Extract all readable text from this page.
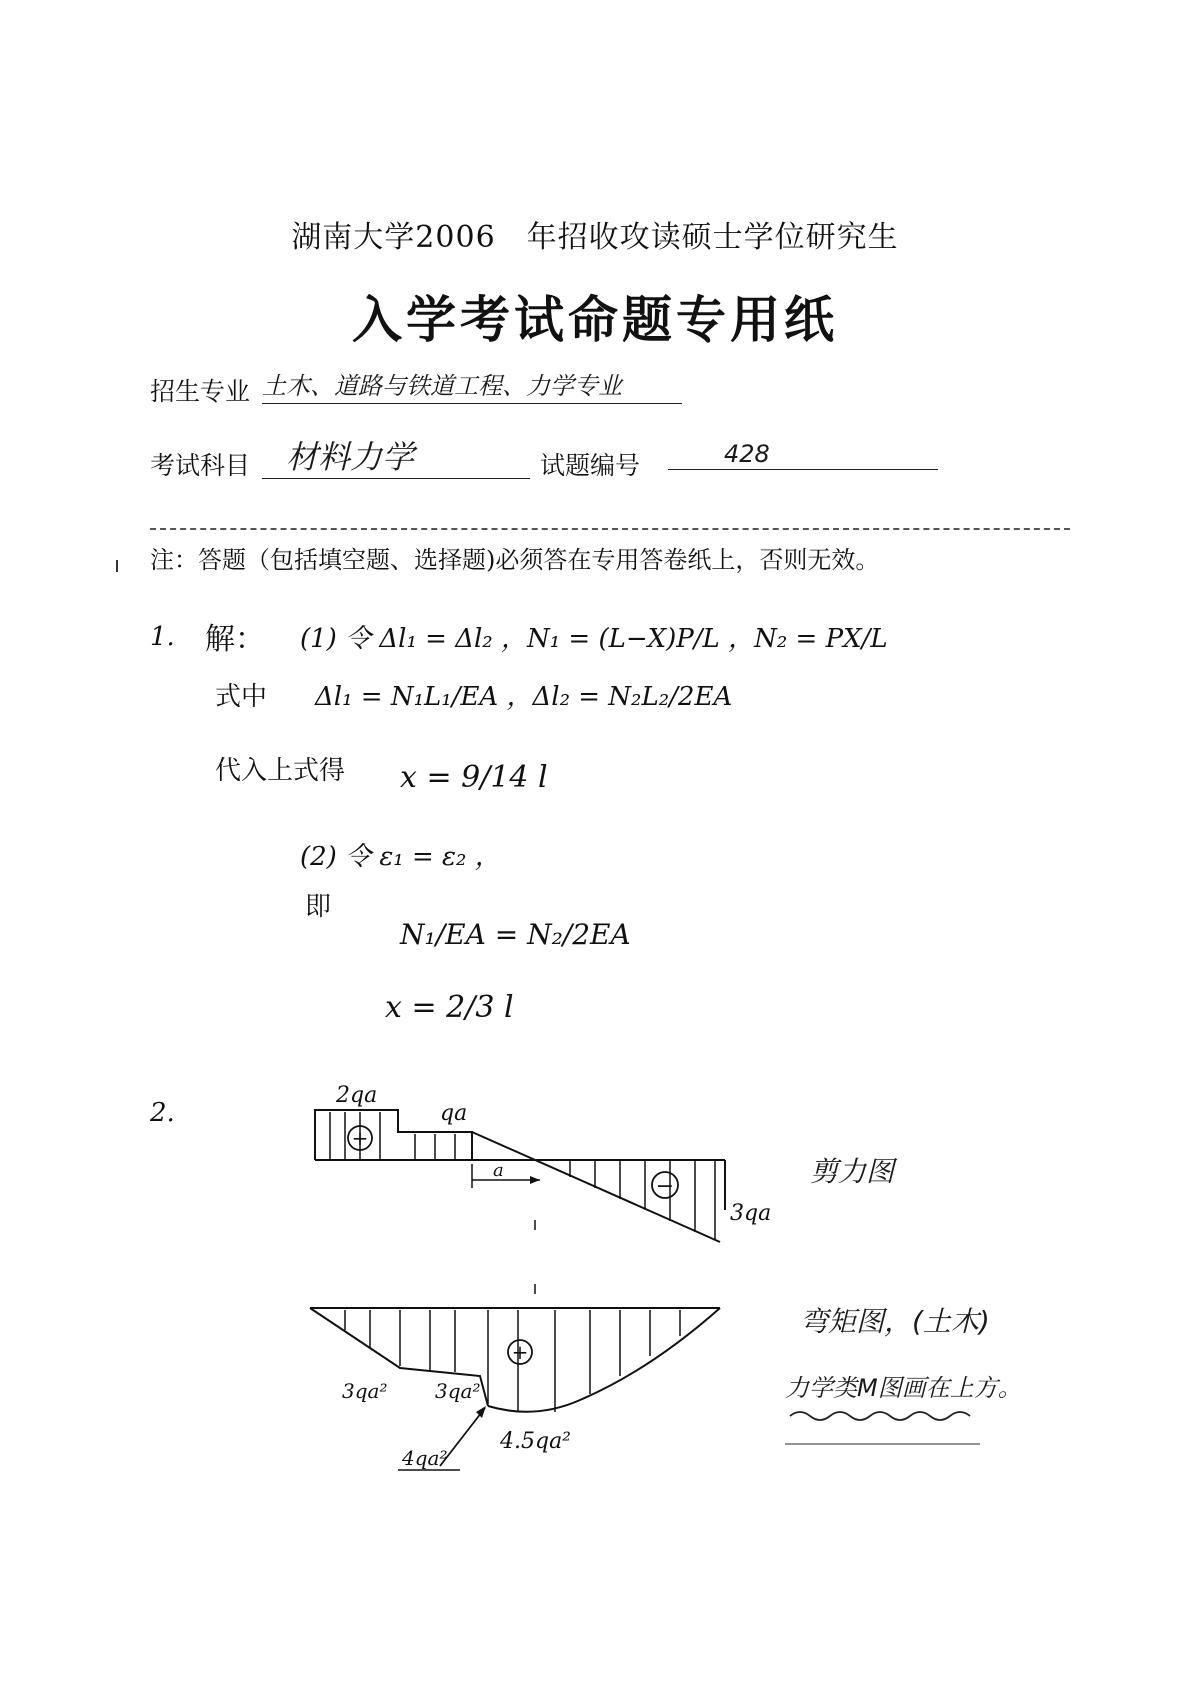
湖南大学2006　年招收攻读硕士学位研究生
入学考试命题专用纸
招生专业 土木、道路与铁道工程、力学专业
考试科目	材料力学	试题编号	428
注：答题（包括填空题、选择题)必须答在专用答卷纸上，否则无效。
1. 解： (1) 令 Δl₁ = Δl₂ ，N₁ = (L−X)P/L ，N₂ = PX/L
式中 Δl₁ = N₁L₁/EA ，Δl₂ = N₂L₂/2EA
代入上式得 x = 9/14 l
(2) 令 ε₁ = ε₂ ，
即
N₁/EA = N₂/2EA
x = 2/3 l
2.
2qa
qa
a
3qa
+
−	剪力图
+
3qa² 3qa²
4qa²
4.5qa²
弯矩图，(土木)
力学类M图画在上方。
